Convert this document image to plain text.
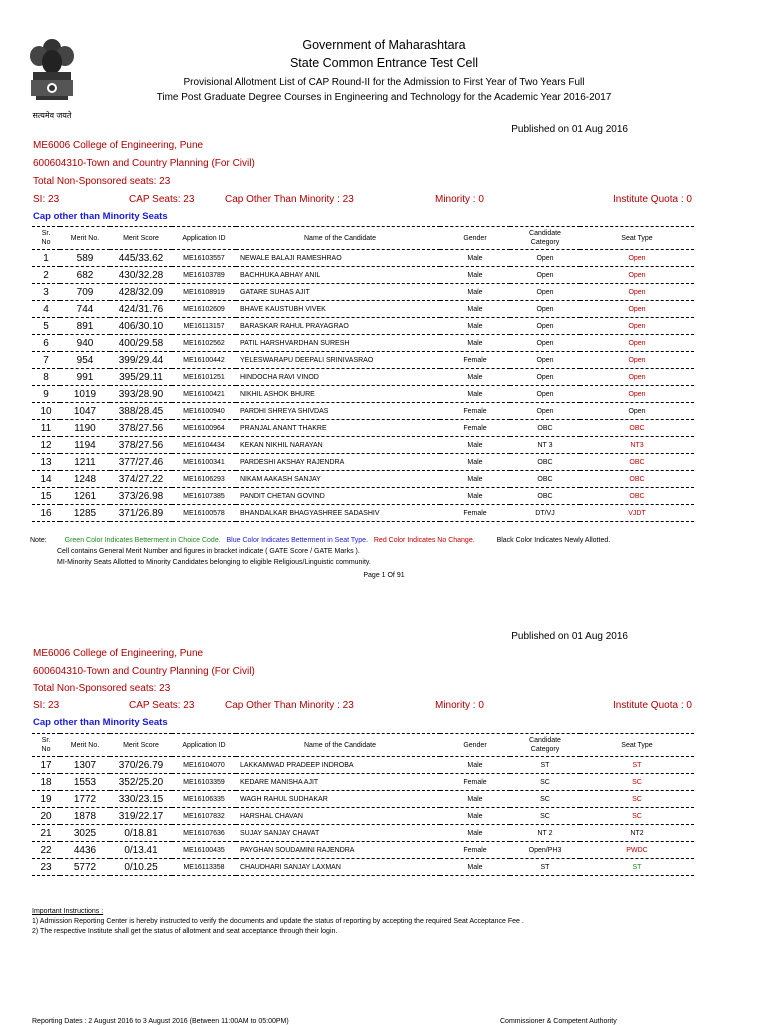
सत्यमेव जयते
Government of Maharashtara
State Common Entrance Test Cell
Provisional Allotment List of CAP Round-II for the Admission to First Year of Two Years Full
Time Post Graduate Degree Courses in Engineering and Technology for the Academic Year 2016-2017
Published on 01 Aug 2016
ME6006 College of Engineering, Pune
600604310-Town and Country Planning (For Civil)
Total Non-Sponsored seats: 23
SI: 23	CAP Seats: 23	Cap Other Than Minority : 23	Minority : 0	Institute Quota : 0
Cap other than Minority Seats
Sr.
No	Merit No.	Merit Score	Application ID	Name of the Candidate	Gender	Candidate
Category	Seat Type
1	589	445/33.62	ME16103557	NEWALE BALAJI RAMESHRAO	Male	Open	Open
2	682	430/32.28	ME16103789	BACHHUKA ABHAY ANIL	Male	Open	Open
3	709	428/32.09	ME16108919	GATARE SUHAS AJIT	Male	Open	Open
4	744	424/31.76	ME16102609	BHAVE KAUSTUBH VIVEK	Male	Open	Open
5	891	406/30.10	ME16113157	BARASKAR RAHUL PRAYAGRAO	Male	Open	Open
6	940	400/29.58	ME16102562	PATIL HARSHVARDHAN SURESH	Male	Open	Open
7	954	399/29.44	ME16100442	YELESWARAPU DEEPALI SRINIVASRAO	Female	Open	Open
8	991	395/29.11	ME16101251	HINDOCHA RAVI VINOD	Male	Open	Open
9	1019	393/28.90	ME16100421	NIKHIL ASHOK BHURE	Male	Open	Open
10	1047	388/28.45	ME16100940	PARDHI SHREYA SHIVDAS	Female	Open	Open
11	1190	378/27.56	ME16100964	PRANJAL ANANT THAKRE	Female	OBC	OBC
12	1194	378/27.56	ME16104434	KEKAN NIKHIL NARAYAN	Male	NT 3	NT3
13	1211	377/27.46	ME16100341	PARDESHI AKSHAY RAJENDRA	Male	OBC	OBC
14	1248	374/27.22	ME16106293	NIKAM AAKASH SANJAY	Male	OBC	OBC
15	1261	373/26.98	ME16107385	PANDIT CHETAN GOVIND	Male	OBC	OBC
16	1285	371/26.89	ME16100578	BHANDALKAR BHAGYASHREE SADASHIV	Female	DT/VJ	VJDT
Note:	Green Color Indicates Betterment in Choice Code. Blue Color Indicates Betterment in Seat Type. Red Color Indicates No Change.	Black Color Indicates Newly Allotted.
Cell contains General Merit Number and figures in bracket indicate ( GATE Score / GATE Marks ).
MI-Minority Seats Allotted to Minority Candidates belonging to eligible Religious/Linguistic community.
Page 1 Of 91
Published on 01 Aug 2016
ME6006 College of Engineering, Pune
600604310-Town and Country Planning (For Civil)
Total Non-Sponsored seats: 23
SI: 23	CAP Seats: 23	Cap Other Than Minority : 23	Minority : 0	Institute Quota : 0
Cap other than Minority Seats
Sr.
No	Merit No.	Merit Score	Application ID	Name of the Candidate	Gender	Candidate
Category	Seat Type
17	1307	370/26.79	ME16104070	LAKKAMWAD PRADEEP INDROBA	Male	ST	ST
18	1553	352/25.20	ME16103359	KEDARE MANISHA AJIT	Female	SC	SC
19	1772	330/23.15	ME16106335	WAGH RAHUL SUDHAKAR	Male	SC	SC
20	1878	319/22.17	ME16107832	HARSHAL CHAVAN	Male	SC	SC
21	3025	0/18.81	ME16107636	SUJAY SANJAY CHAVAT	Male	NT 2	NT2
22	4436	0/13.41	ME16100435	PAYGHAN SOUDAMINI RAJENDRA	Female	Open/PH3	PWDC
23	5772	0/10.25	ME16113358	CHAUDHARI SANJAY LAXMAN	Male	ST	ST
Important Instructions :
1) Admission Reporting Center is hereby instructed to verify the documents and update the status of reporting by accepting the required Seat Acceptance Fee .
2) The respective Institute shall get the status of allotment and seat acceptance through their login.
Reporting Dates : 2 August 2016 to 3 August 2016 (Between 11:00AM to 05:00PM)	Commissioner & Competent Authority
